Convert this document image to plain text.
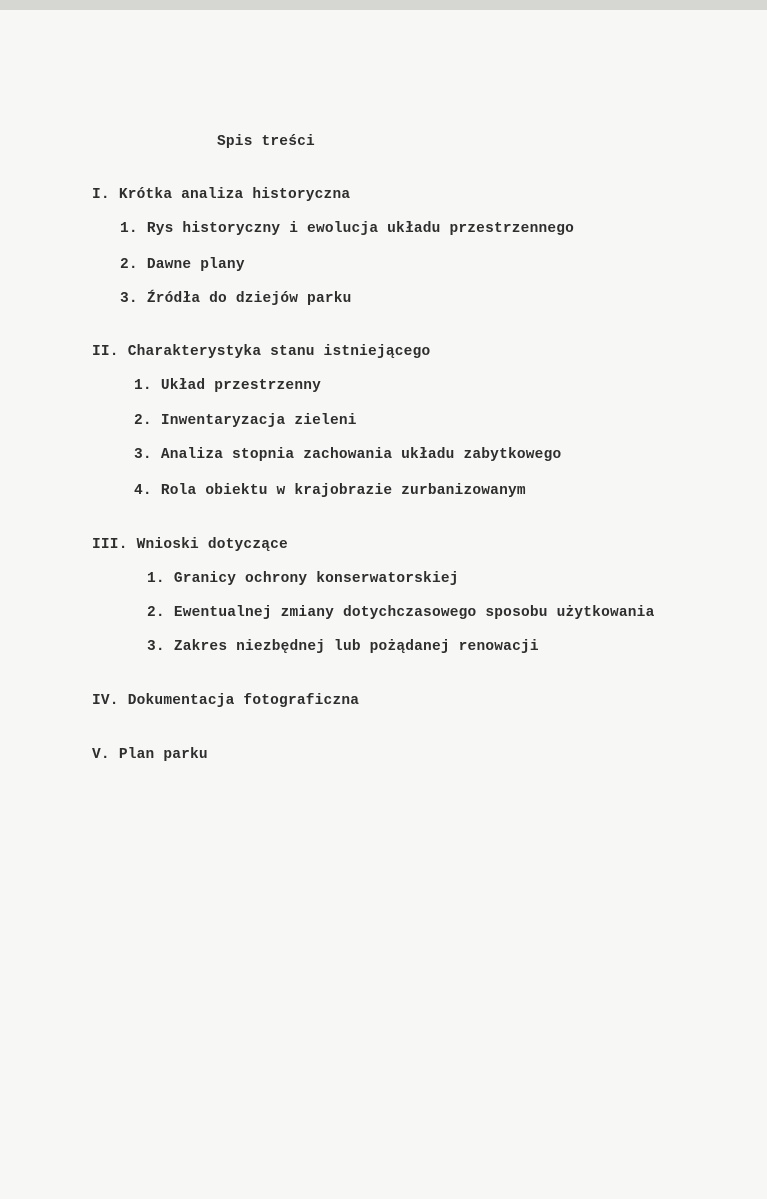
Spis treści
I. Krótka analiza historyczna
1. Rys historyczny i ewolucja układu przestrzennego
2. Dawne plany
3. Źródła do dziejów parku
II. Charakterystyka stanu istniejącego
1. Układ przestrzenny
2. Inwentaryzacja zieleni
3. Analiza stopnia zachowania układu zabytkowego
4. Rola obiektu w krajobrazie zurbanizowanym
III. Wnioski dotyczące
1. Granicy ochrony konserwatorskiej
2. Ewentualnej zmiany dotychczasowego sposobu użytkowania
3. Zakres niezbędnej lub pożądanej renowacji
IV. Dokumentacja fotograficzna
V. Plan parku
